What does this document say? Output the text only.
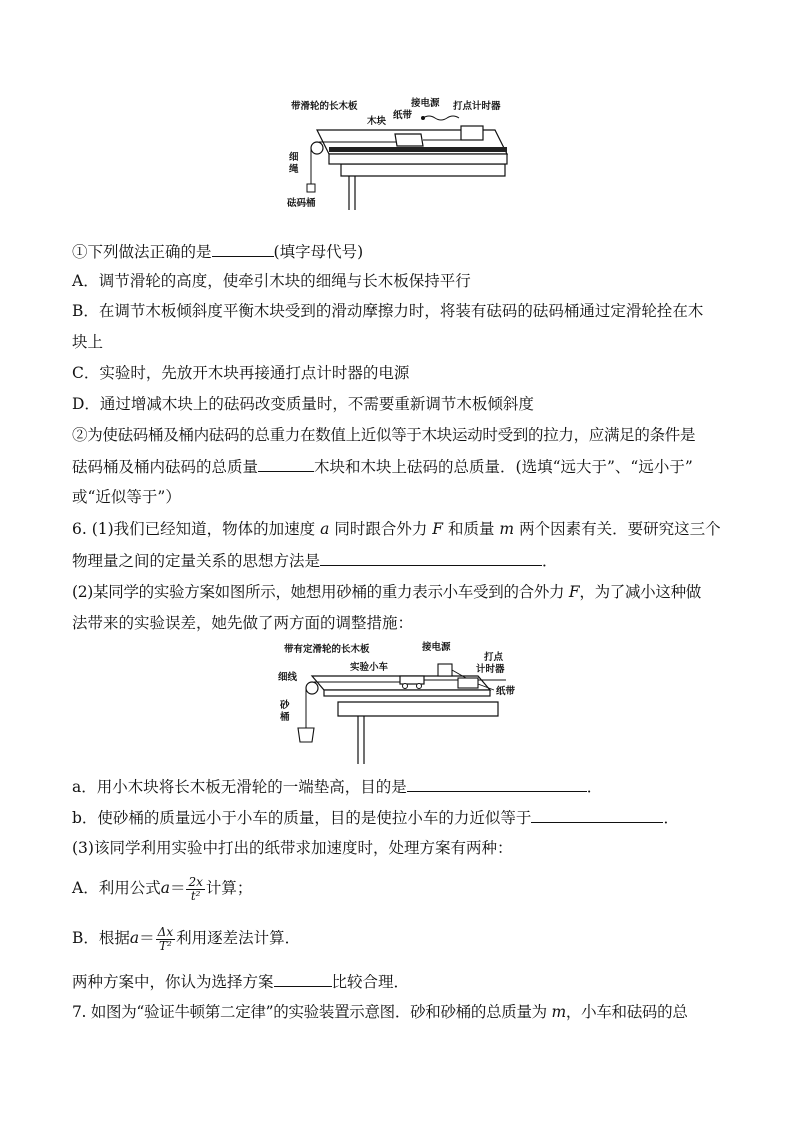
带滑轮的长木板
木块
纸带
接电源 打点计时器
细
绳
砝码桶
①下列做法正确的是	(填字母代号)
A．调节滑轮的高度，使牵引木块的细绳与长木板保持平行
B．在调节木板倾斜度平衡木块受到的滑动摩擦力时，将装有砝码的砝码桶通过定滑轮拴在木
块上
C．实验时，先放开木块再接通打点计时器的电源
D．通过增减木块上的砝码改变质量时，不需要重新调节木板倾斜度
②为使砝码桶及桶内砝码的总重力在数值上近似等于木块运动时受到的拉力，应满足的条件是
砝码桶及桶内砝码的总质量	木块和木块上砝码的总质量．(选填“远大于”、“远小于”
或“近似等于”）
6. (1)我们已经知道，物体的加速度 a 同时跟合外力 F 和质量 m 两个因素有关．要研究这三个
物理量之间的定量关系的思想方法是	．
(2)某同学的实验方案如图所示，她想用砂桶的重力表示小车受到的合外力 F，为了减小这种做
法带来的实验误差，她先做了两方面的调整措施：
带有定滑轮的长木板	接电源
打点
计时器
实验小车
细线
砂
桶
纸带
a．用小木块将长木板无滑轮的一端垫高，目的是	．
b．使砂桶的质量远小于小车的质量，目的是使拉小车的力近似等于	．
(3)该同学利用实验中打出的纸带求加速度时，处理方案有两种：
A．利用公式$a= \frac{2x}{\text{t²}}$ 计算；
B．根据$a= \frac{\Delta x}{\text{T²}}$ 利用逐差法计算．
两种方案中，你认为选择方案	比较合理．
7. 如图为“验证牛顿第二定律”的实验装置示意图．砂和砂桶的总质量为 m，小车和砝码的总
